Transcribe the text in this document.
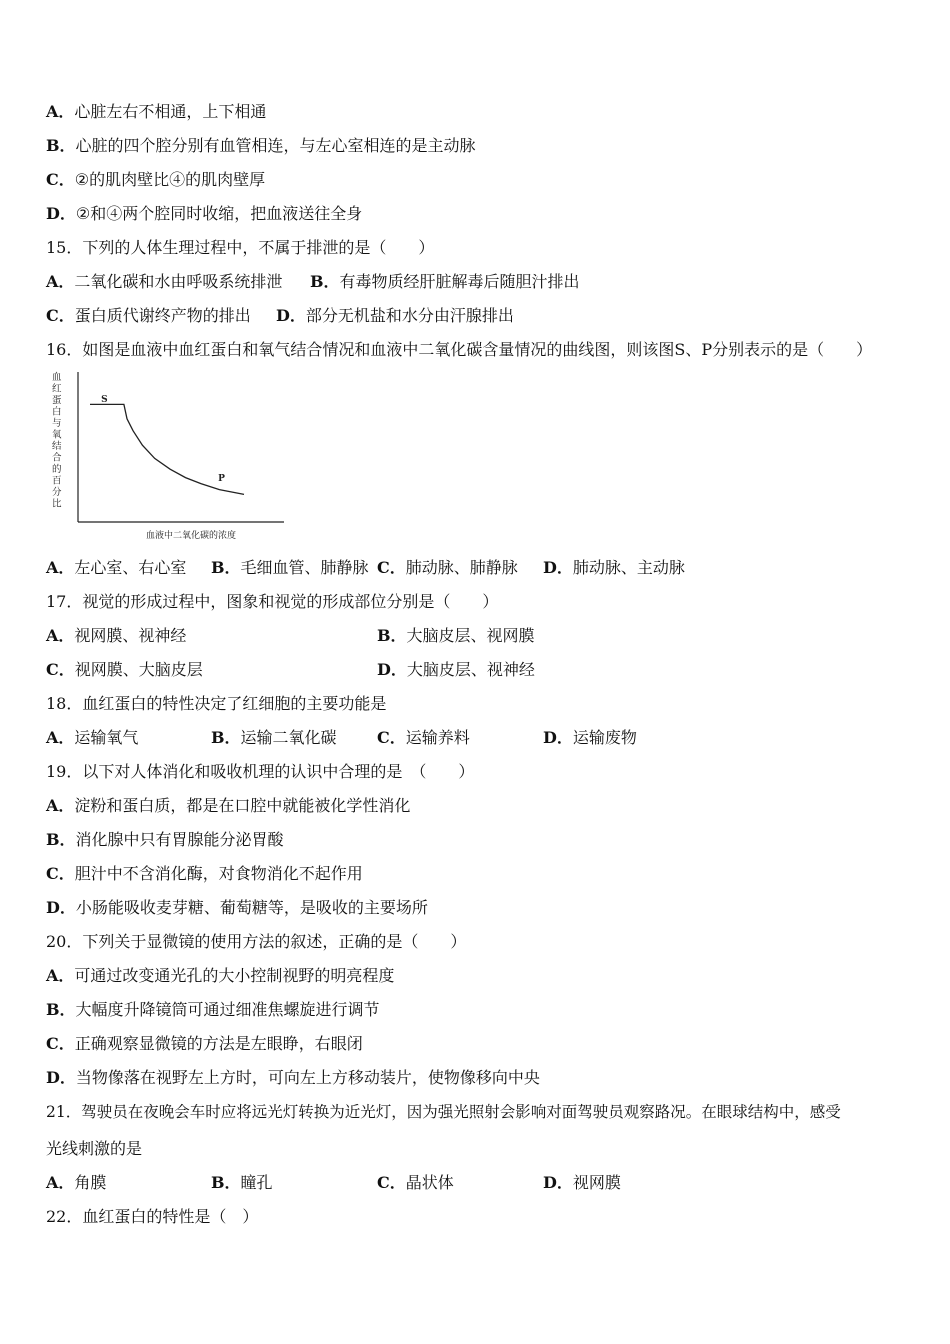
A．心脏左右不相通，上下相通
B．心脏的四个腔分别有血管相连，与左心室相连的是主动脉
C．②的肌肉壁比④的肌肉壁厚
D．②和④两个腔同时收缩，把血液送往全身
15．下列的人体生理过程中，不属于排泄的是（　　）
A．二氧化碳和水由呼吸系统排泄 B．有毒物质经肝脏解毒后随胆汁排出
C．蛋白质代谢终产物的排出 D．部分无机盐和水分由汗腺排出
16．如图是血液中血红蛋白和氧气结合情况和血液中二氧化碳含量情况的曲线图，则该图S、P分别表示的是（　　）
血
红
蛋
白
与
氧
结
合
的
百
分
比
S
P
血液中二氧化碳的浓度
A．左心室、右心室 B．毛细血管、肺静脉 C．肺动脉、肺静脉 D．肺动脉、主动脉
17．视觉的形成过程中，图象和视觉的形成部位分别是（　　）
A．视网膜、视神经	B．大脑皮层、视网膜
C．视网膜、大脑皮层	D．大脑皮层、视神经
18．血红蛋白的特性决定了红细胞的主要功能是
A．运输氧气	B．运输二氧化碳	C．运输养料	D．运输废物
19．以下对人体消化和吸收机理的认识中合理的是　（　　）
A．淀粉和蛋白质，都是在口腔中就能被化学性消化
B．消化腺中只有胃腺能分泌胃酸
C．胆汁中不含消化酶，对食物消化不起作用
D．小肠能吸收麦芽糖、葡萄糖等，是吸收的主要场所
20．下列关于显微镜的使用方法的叙述，正确的是（　　）
A．可通过改变通光孔的大小控制视野的明亮程度
B．大幅度升降镜筒可通过细准焦螺旋进行调节
C．正确观察显微镜的方法是左眼睁，右眼闭
D．当物像落在视野左上方时，可向左上方移动装片，使物像移向中央
21．驾驶员在夜晚会车时应将远光灯转换为近光灯，因为强光照射会影响对面驾驶员观察路况。在眼球结构中，感受
光线刺激的是
A．角膜	B．瞳孔	C．晶状体	D．视网膜
22．血红蛋白的特性是（　）
